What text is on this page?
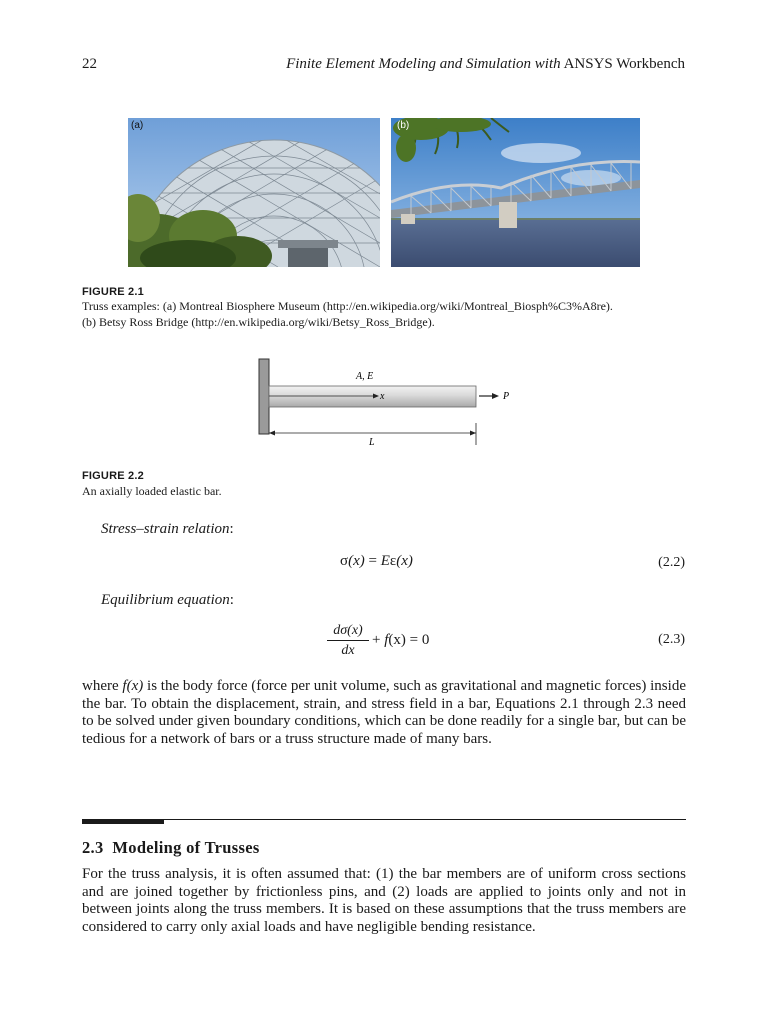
22	Finite Element Modeling and Simulation with ANSYS Workbench
(a)	(b)
FIGURE 2.1
Truss examples: (a) Montreal Biosphere Museum (http://en.wikipedia.org/wiki/Montreal_Biosph%C3%A8re).
(b) Betsy Ross Bridge (http://en.wikipedia.org/wiki/Betsy_Ross_Bridge).
x
A, E
P
L
FIGURE 2.2
An axially loaded elastic bar.
Stress–strain relation:
σ(x) = Eε(x)	(2.2)
Equilibrium equation:
$\frac{d\sigma(x)}{dx} + f(x) = 0$	(2.3)
where f(x) is the body force (force per unit volume, such as gravitational and magnetic forces) inside the bar. To obtain the displacement, strain, and stress field in a bar, Equations 2.1 through 2.3 need to be solved under given boundary conditions, which can be done readily for a single bar, but can be tedious for a network of bars or a truss structure made of many bars.
2.3 Modeling of Trusses
For the truss analysis, it is often assumed that: (1) the bar members are of uniform cross sections and are joined together by frictionless pins, and (2) loads are applied to joints only and not in between joints along the truss members. It is based on these assumptions that the truss members are considered to carry only axial loads and have negligible bending resistance.
